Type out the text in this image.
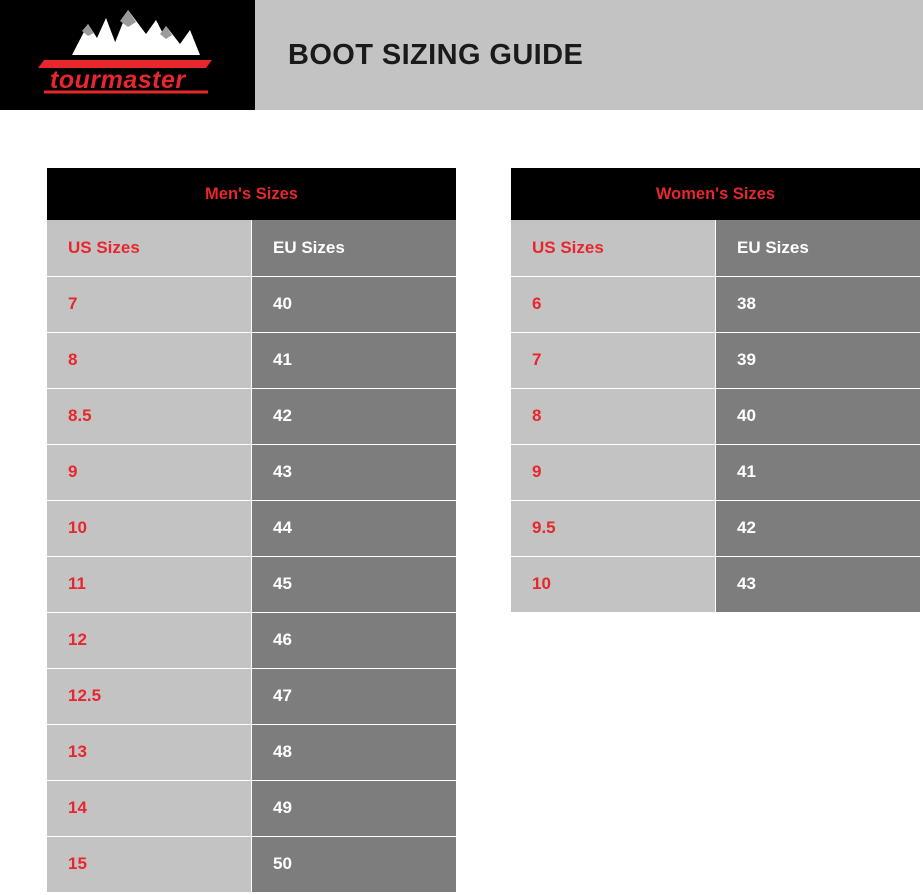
tourmaster
BOOT SIZING GUIDE
Men's Sizes
US Sizes	EU Sizes
7	40
8	41
8.5	42
9	43
10	44
11	45
12	46
12.5	47
13	48
14	49
15	50
Women's Sizes
US Sizes	EU Sizes
6	38
7	39
8	40
9	41
9.5	42
10	43
